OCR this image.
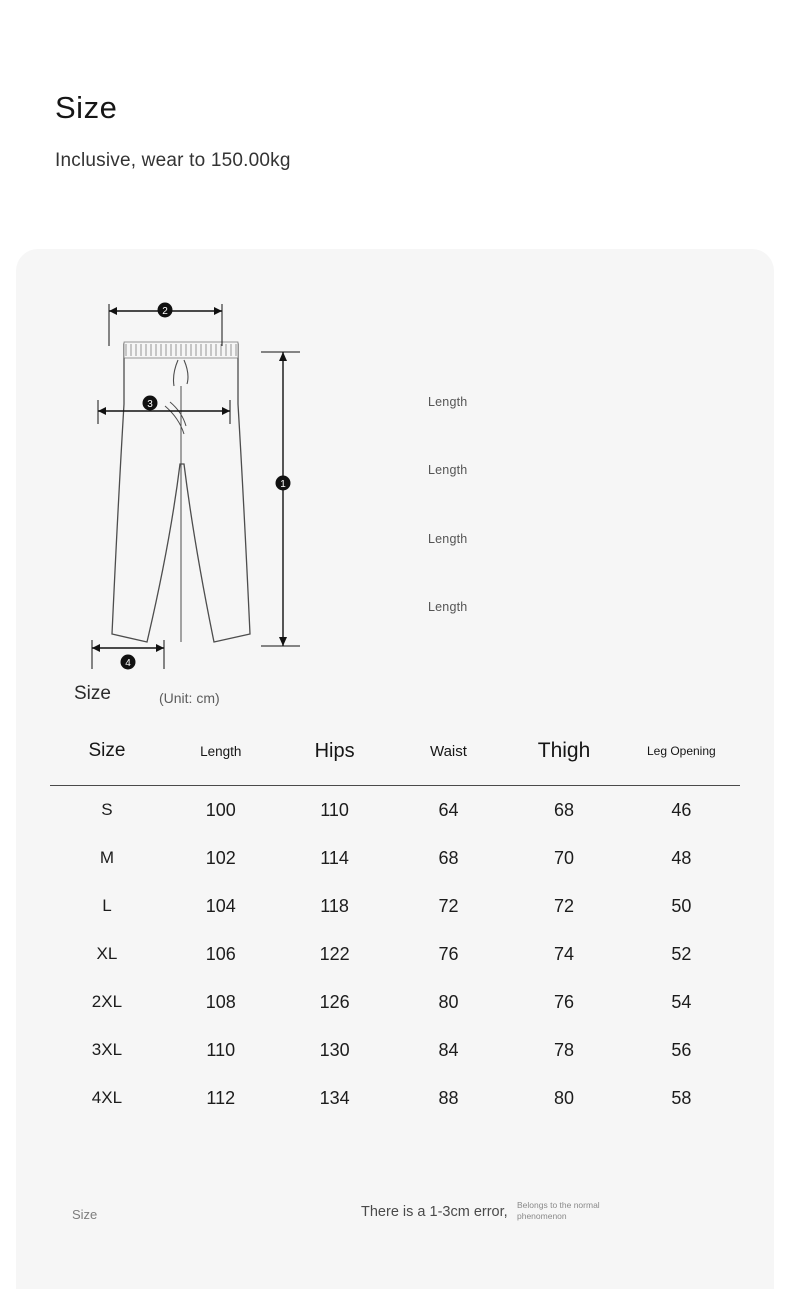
Size
Inclusive, wear to 150.00kg
2
3
1
4
Length
Length
Length
Length
Size	(Unit: cm)
Size	Length	Hips	Waist	Thigh	Leg Opening
S	100	110	64	68	46
M	102	114	68	70	48
L	104	118	72	72	50
XL	106	122	76	74	52
2XL	108	126	80	76	54
3XL	110	130	84	78	56
4XL	112	134	88	80	58
Size	There is a 1-3cm error, Belongs to the normal phenomenon
